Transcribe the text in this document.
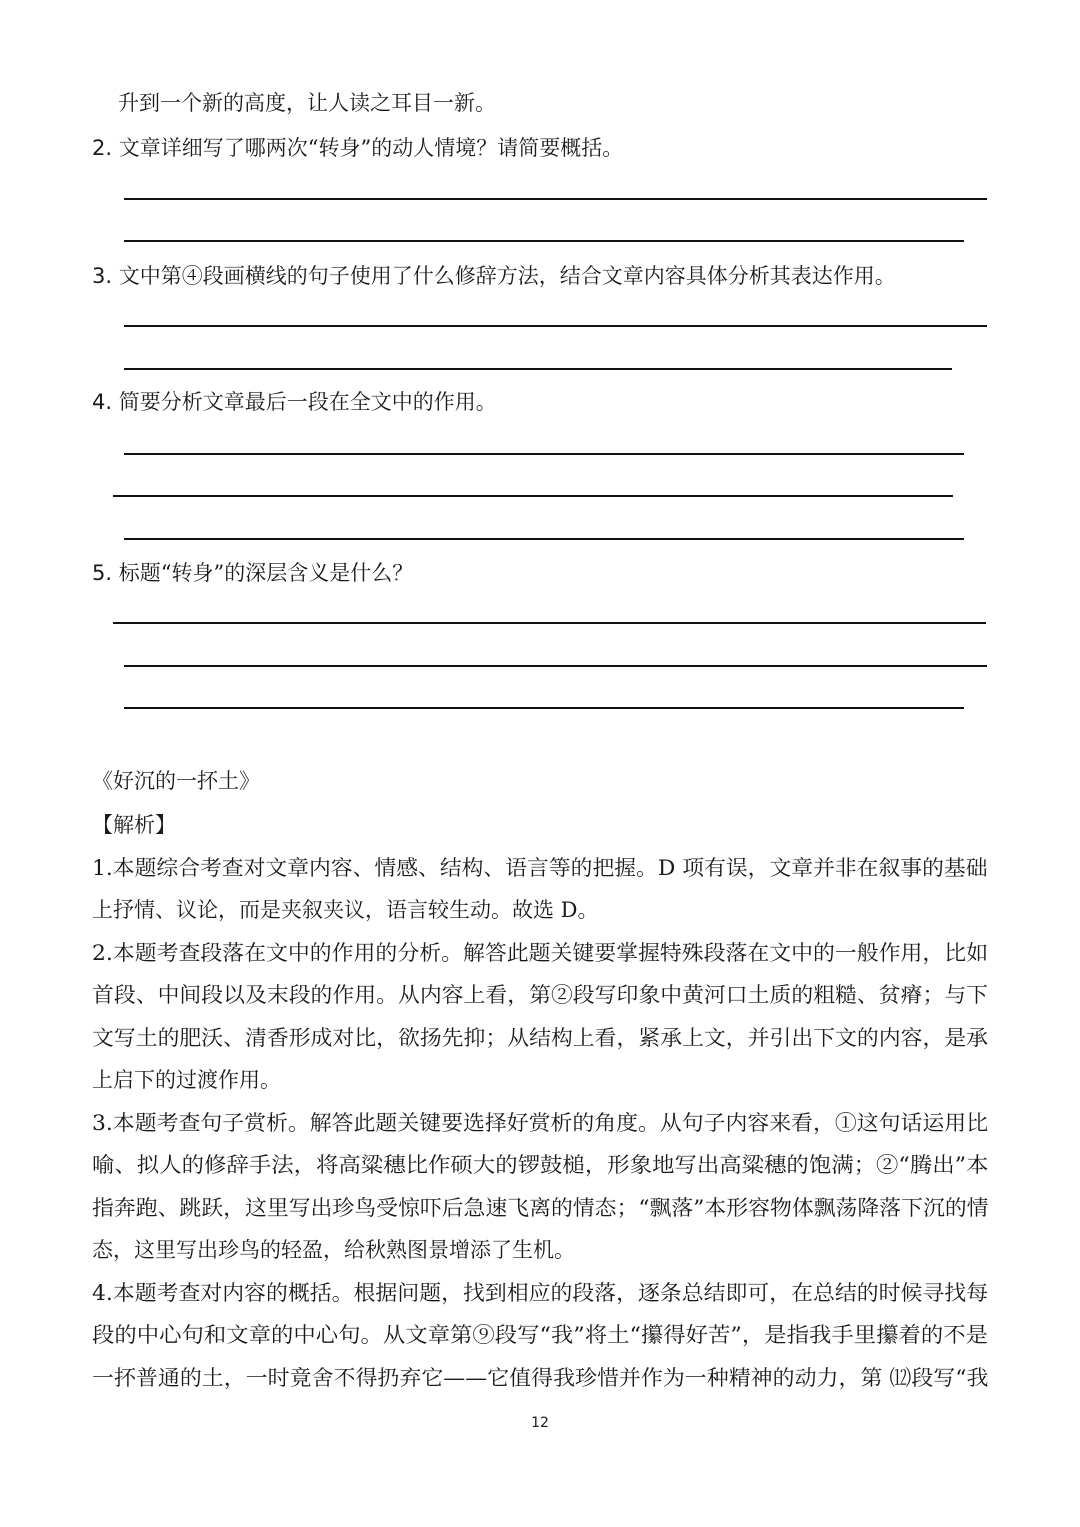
升到一个新的高度，让人读之耳目一新。
2. 文章详细写了哪两次“转身”的动人情境？请简要概括。
3. 文中第④段画横线的句子使用了什么修辞方法，结合文章内容具体分析其表达作用。
4. 简要分析文章最后一段在全文中的作用。
5. 标题“转身”的深层含义是什么？
《好沉的一抔土》
【解析】
1.本题综合考查对文章内容、情感、结构、语言等的把握。D 项有误，文章并非在叙事的基础
上抒情、议论，而是夹叙夹议，语言较生动。故选 D。
2.本题考查段落在文中的作用的分析。解答此题关键要掌握特殊段落在文中的一般作用，比如
首段、中间段以及末段的作用。从内容上看，第②段写印象中黄河口土质的粗糙、贫瘠；与下
文写土的肥沃、清香形成对比，欲扬先抑；从结构上看，紧承上文，并引出下文的内容，是承
上启下的过渡作用。
3.本题考查句子赏析。解答此题关键要选择好赏析的角度。从句子内容来看，①这句话运用比
喻、拟人的修辞手法，将高粱穗比作硕大的锣鼓槌，形象地写出高粱穗的饱满；②“腾出”本
指奔跑、跳跃，这里写出珍鸟受惊吓后急速飞离的情态；“飘落”本形容物体飘荡降落下沉的情
态，这里写出珍鸟的轻盈，给秋熟图景增添了生机。
4.本题考查对内容的概括。根据问题，找到相应的段落，逐条总结即可，在总结的时候寻找每
段的中心句和文章的中心句。从文章第⑨段写“我”将土“攥得好苦”，是指我手里攥着的不是
一抔普通的土，一时竟舍不得扔弃它——它值得我珍惜并作为一种精神的动力，第 ⑿段写“我
12
